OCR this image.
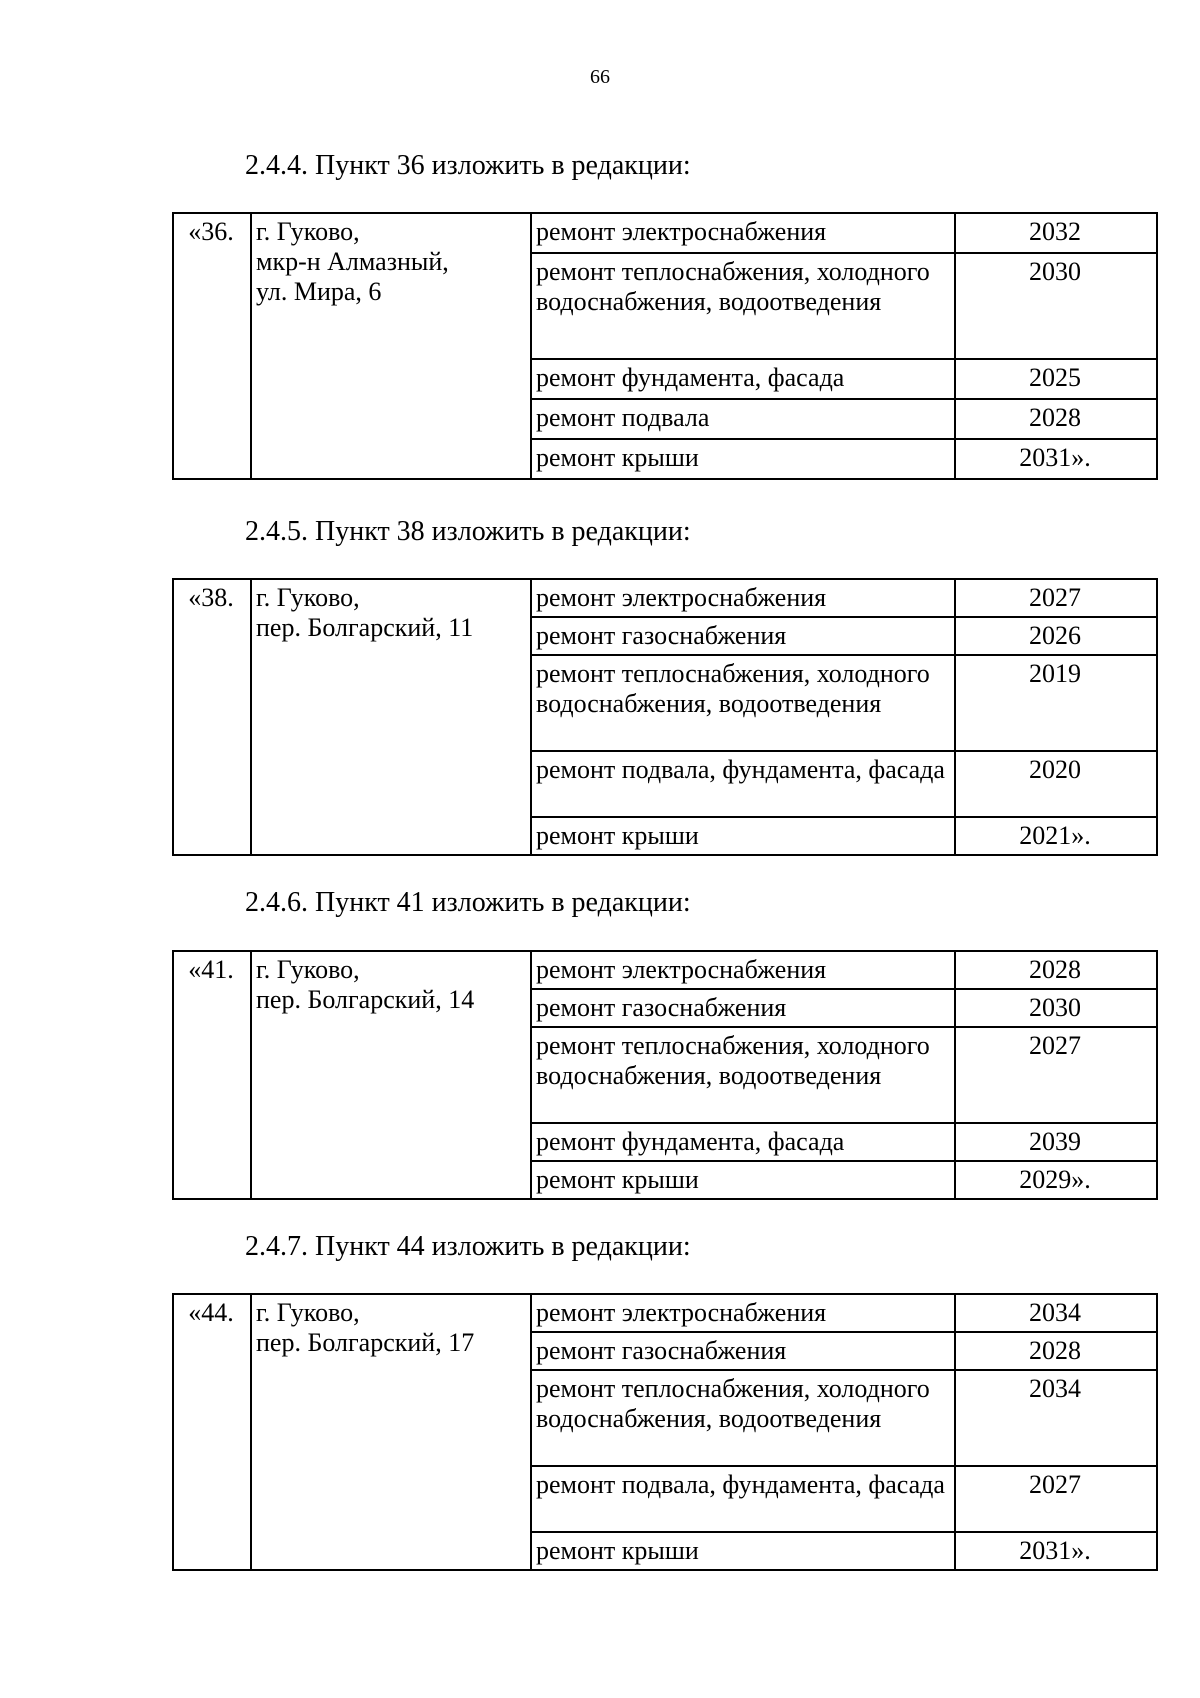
66
2.4.4. Пункт 36 изложить в редакции:
«36.	г. Гуково,
мкр-н Алмазный,
ул. Мира, 6	ремонт электроснабжения	2032
		ремонт теплоснабжения, холодного водоснабжения, водоотведения	2030
		ремонт фундамента, фасада	2025
		ремонт подвала	2028
		ремонт крыши	2031».
2.4.5. Пункт 38 изложить в редакции:
«38.	г. Гуково,
пер. Болгарский, 11	ремонт электроснабжения	2027
		ремонт газоснабжения	2026
		ремонт теплоснабжения, холодного водоснабжения, водоотведения	2019
		ремонт подвала, фундамента, фасада	2020
		ремонт крыши	2021».
2.4.6. Пункт 41 изложить в редакции:
«41.	г. Гуково,
пер. Болгарский, 14	ремонт электроснабжения	2028
		ремонт газоснабжения	2030
		ремонт теплоснабжения, холодного водоснабжения, водоотведения	2027
		ремонт фундамента, фасада	2039
		ремонт крыши	2029».
2.4.7. Пункт 44 изложить в редакции:
«44.	г. Гуково,
пер. Болгарский, 17	ремонт электроснабжения	2034
		ремонт газоснабжения	2028
		ремонт теплоснабжения, холодного водоснабжения, водоотведения	2034
		ремонт подвала, фундамента, фасада	2027
		ремонт крыши	2031».
